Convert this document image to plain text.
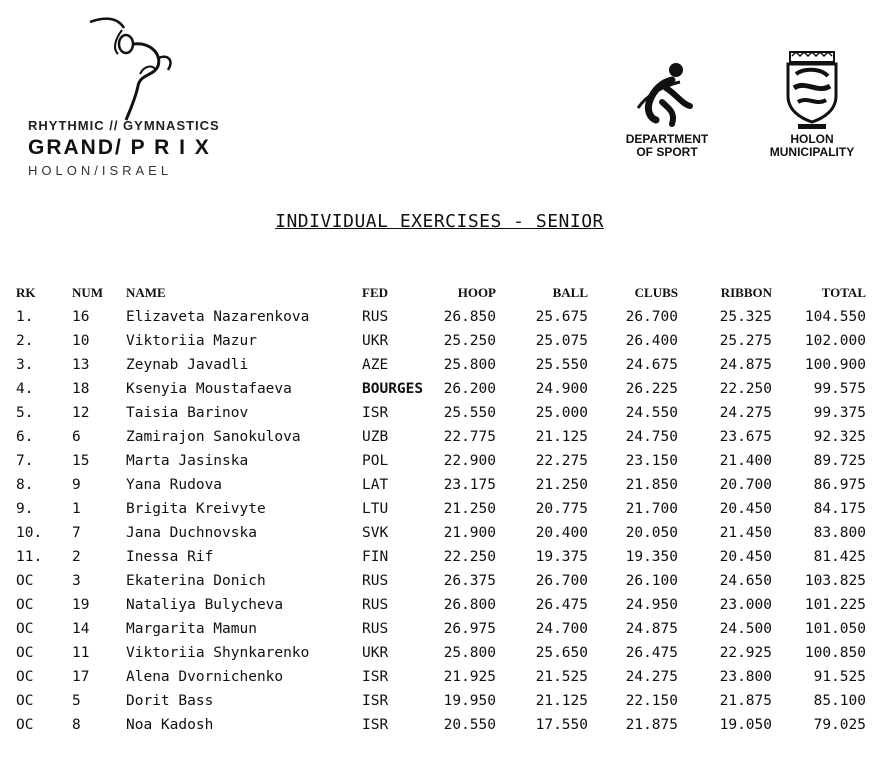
RHYTHMIC // GYMNASTICS
GRAND/ P R I X
HOLON/ISRAEL
DEPARTMENT
OF SPORT
HOLON
MUNICIPALITY
INDIVIDUAL EXERCISES - SENIOR
RK	NUM	NAME	FED	HOOP	BALL	CLUBS	RIBBON	TOTAL
1.	16	Elizaveta Nazarenkova	RUS	26.850	25.675	26.700	25.325	104.550
2.	10	Viktoriia Mazur	UKR	25.250	25.075	26.400	25.275	102.000
3.	13	Zeynab Javadli	AZE	25.800	25.550	24.675	24.875	100.900
4.	18	Ksenyia Moustafaeva	BOURGES	26.200	24.900	26.225	22.250	99.575
5.	12	Taisia Barinov	ISR	25.550	25.000	24.550	24.275	99.375
6.	6	Zamirajon Sanokulova	UZB	22.775	21.125	24.750	23.675	92.325
7.	15	Marta Jasinska	POL	22.900	22.275	23.150	21.400	89.725
8.	9	Yana Rudova	LAT	23.175	21.250	21.850	20.700	86.975
9.	1	Brigita Kreivyte	LTU	21.250	20.775	21.700	20.450	84.175
10.	7	Jana Duchnovska	SVK	21.900	20.400	20.050	21.450	83.800
11.	2	Inessa Rif	FIN	22.250	19.375	19.350	20.450	81.425
OC	3	Ekaterina Donich	RUS	26.375	26.700	26.100	24.650	103.825
OC	19	Nataliya Bulycheva	RUS	26.800	26.475	24.950	23.000	101.225
OC	14	Margarita Mamun	RUS	26.975	24.700	24.875	24.500	101.050
OC	11	Viktoriia Shynkarenko	UKR	25.800	25.650	26.475	22.925	100.850
OC	17	Alena Dvornichenko	ISR	21.925	21.525	24.275	23.800	91.525
OC	5	Dorit Bass	ISR	19.950	21.125	22.150	21.875	85.100
OC	8	Noa Kadosh	ISR	20.550	17.550	21.875	19.050	79.025
